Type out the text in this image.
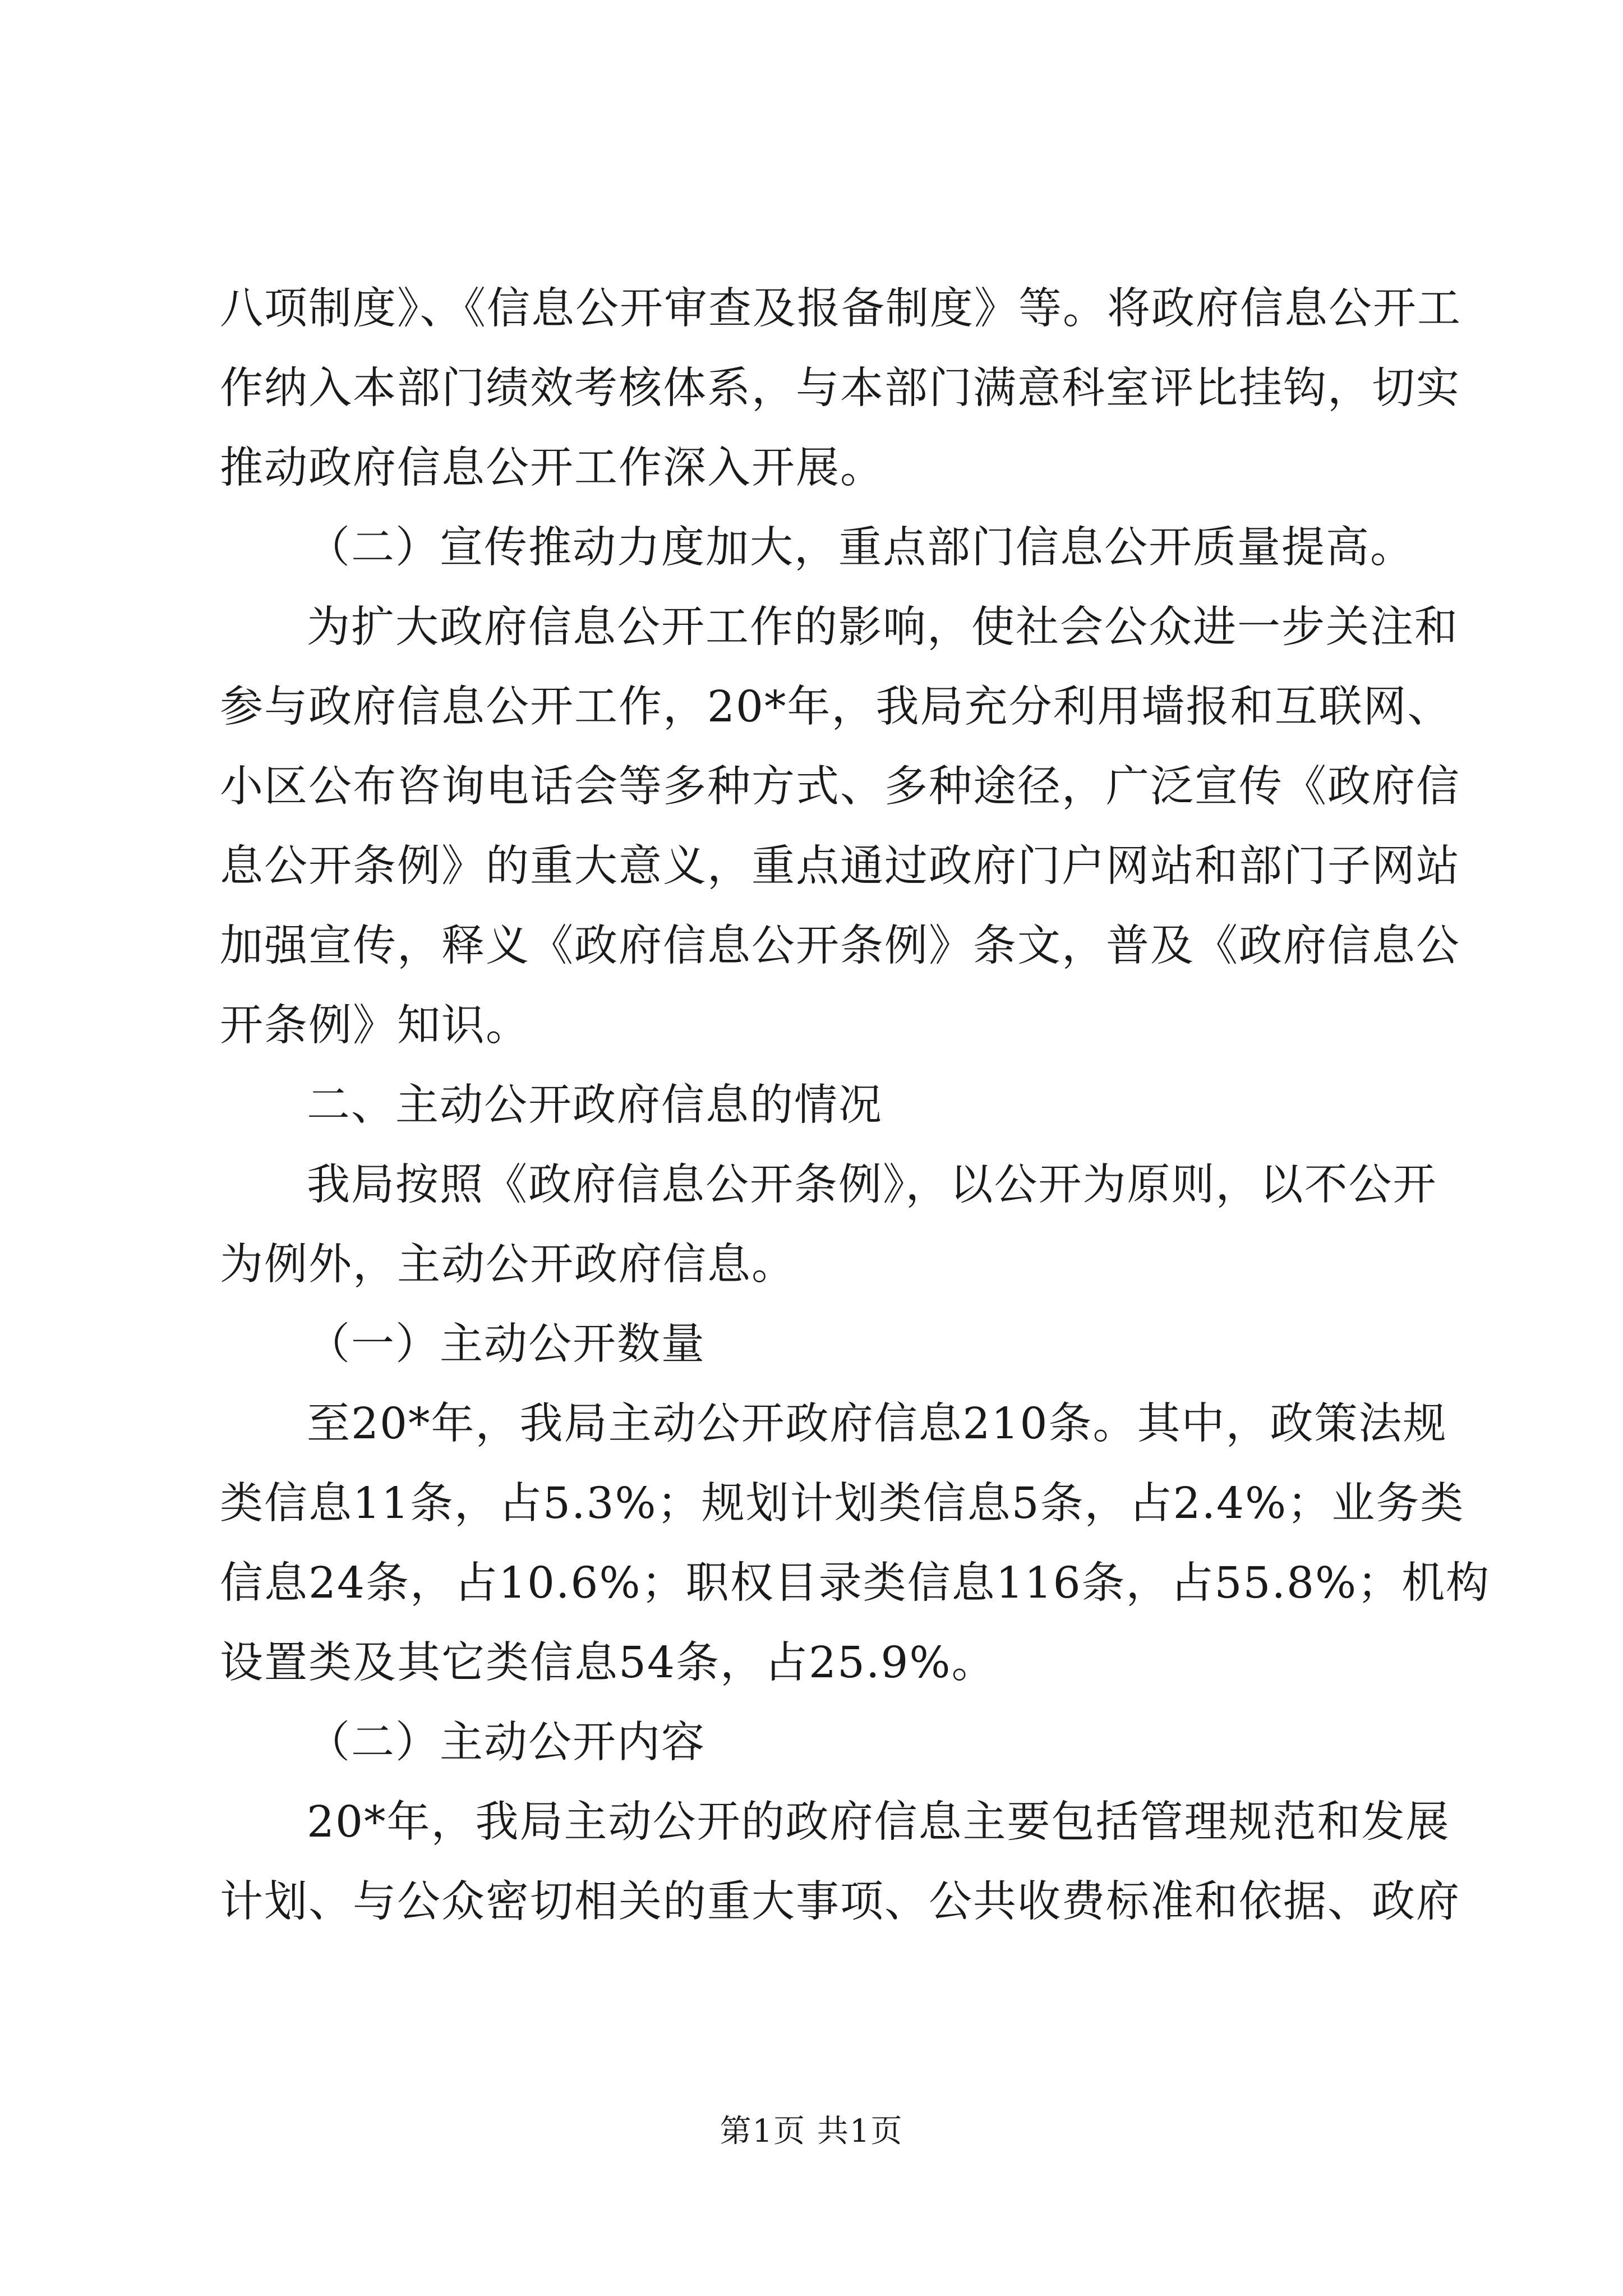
八项制度》、《信息公开审查及报备制度》等。将政府信息公开工
作纳入本部门绩效考核体系，与本部门满意科室评比挂钩，切实
推动政府信息公开工作深入开展。
（二）宣传推动力度加大，重点部门信息公开质量提高。
为扩大政府信息公开工作的影响，使社会公众进一步关注和
参与政府信息公开工作，20*年，我局充分利用墙报和互联网、
小区公布咨询电话会等多种方式、多种途径，广泛宣传《政府信
息公开条例》的重大意义，重点通过政府门户网站和部门子网站
加强宣传，释义《政府信息公开条例》条文，普及《政府信息公
开条例》知识。
二、主动公开政府信息的情况
我局按照《政府信息公开条例》，以公开为原则，以不公开
为例外，主动公开政府信息。
（一）主动公开数量
至20*年，我局主动公开政府信息210条。其中，政策法规
类信息11条，占5.3%；规划计划类信息5条，占2.4%；业务类
信息24条，占10.6%；职权目录类信息116条，占55.8%；机构
设置类及其它类信息54条，占25.9%。
（二）主动公开内容
20*年，我局主动公开的政府信息主要包括管理规范和发展
计划、与公众密切相关的重大事项、公共收费标准和依据、政府
第1页 共1页
